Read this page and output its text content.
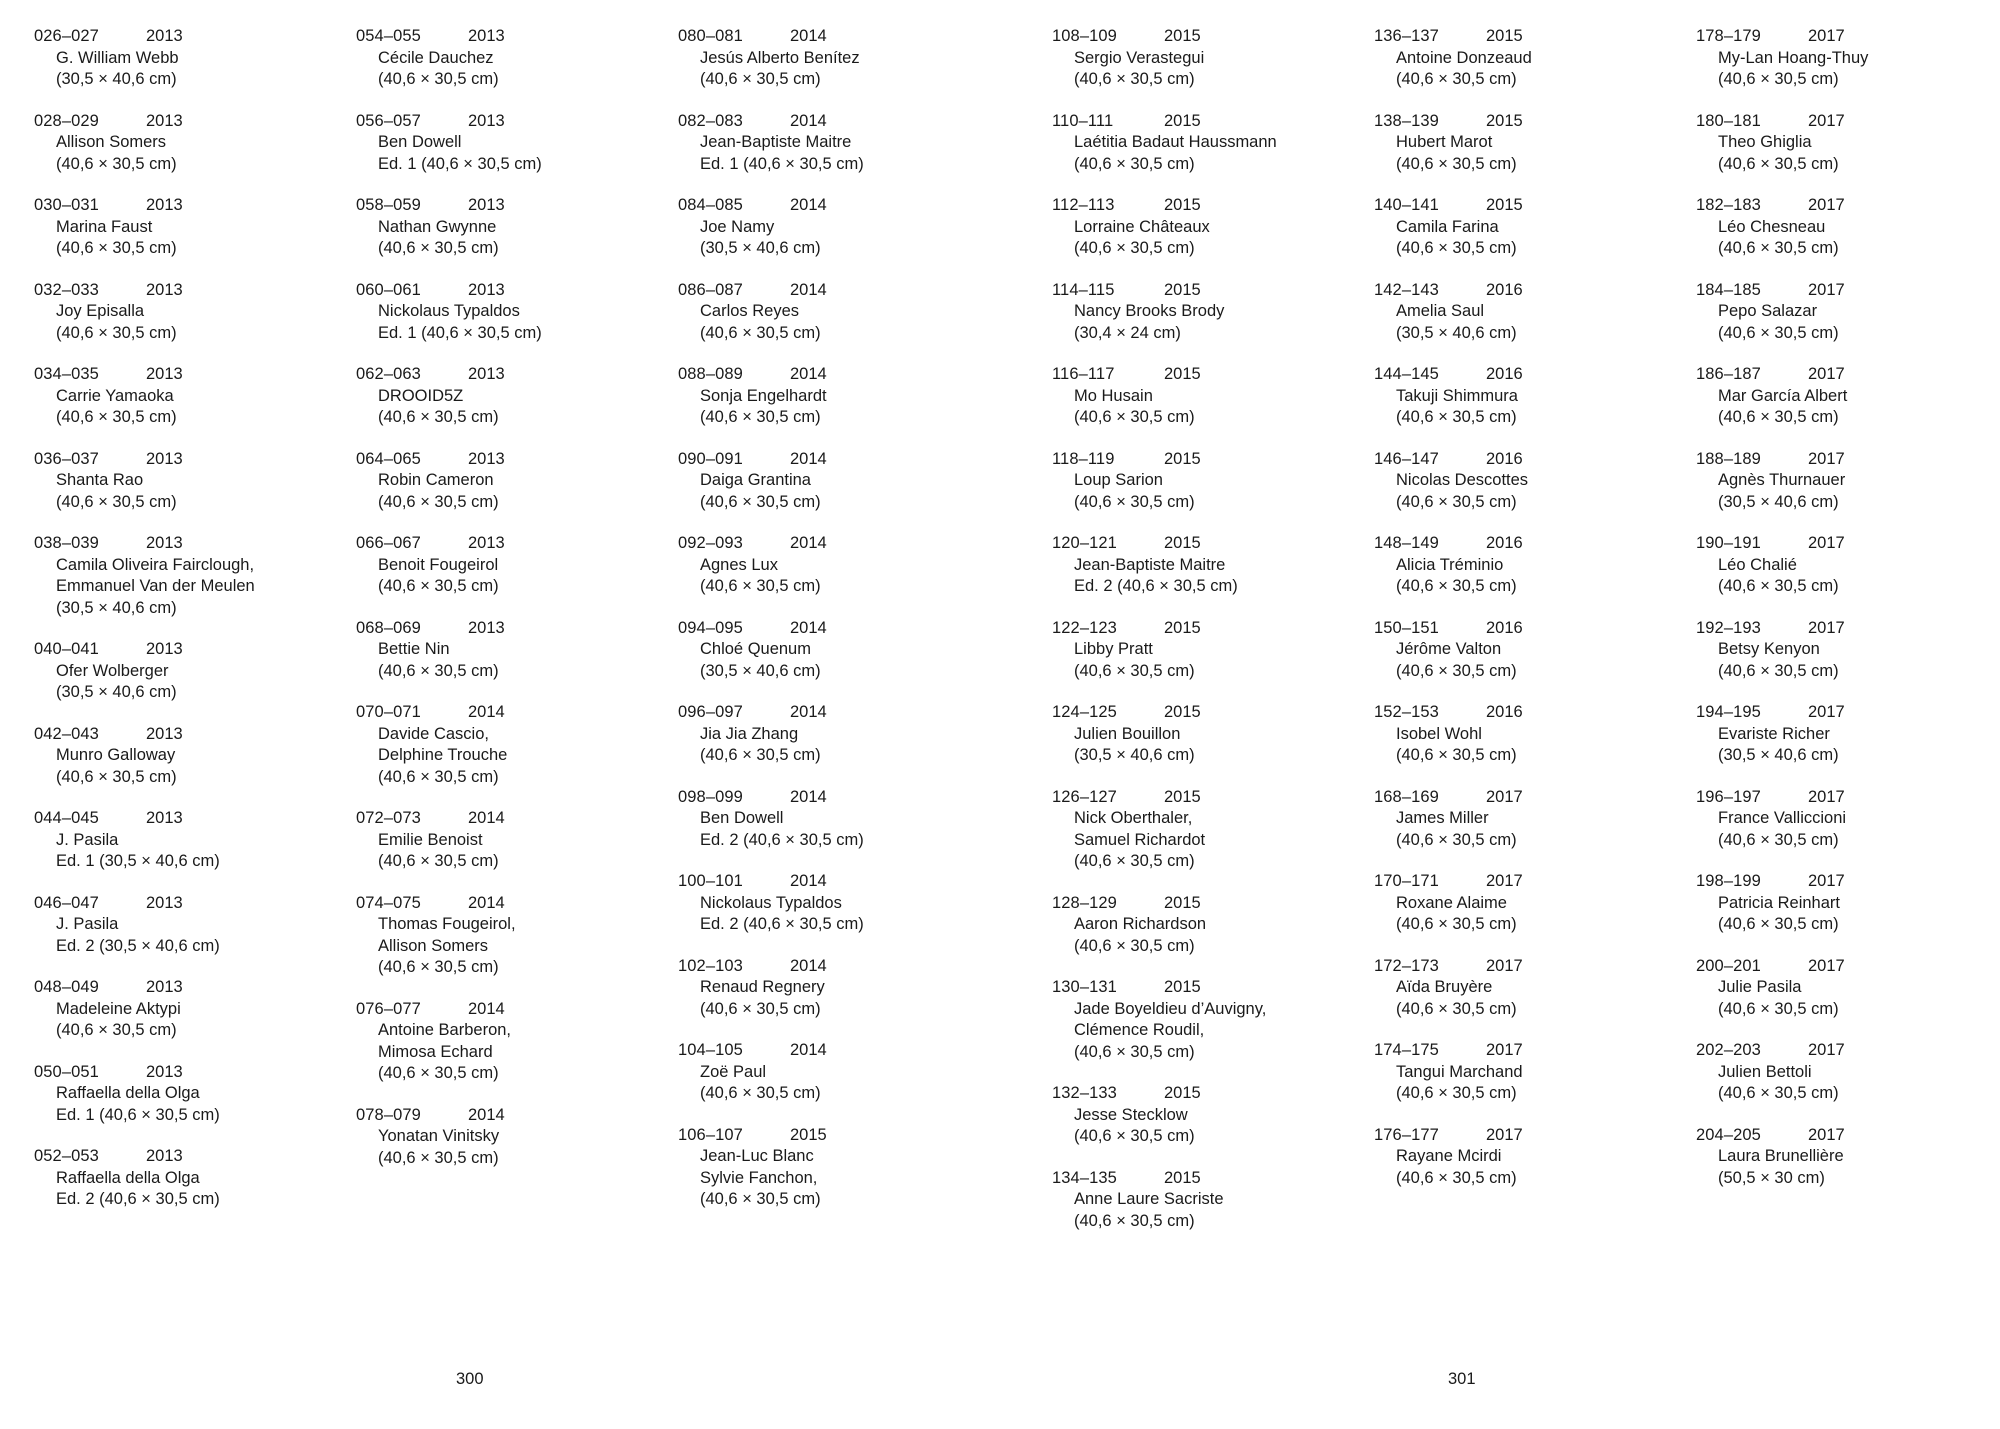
026–027	2013
G. William Webb
(30,5 × 40,6 cm)
028–029	2013
Allison Somers
(40,6 × 30,5 cm)
030–031	2013
Marina Faust
(40,6 × 30,5 cm)
032–033	2013
Joy Episalla
(40,6 × 30,5 cm)
034–035	2013
Carrie Yamaoka
(40,6 × 30,5 cm)
036–037	2013
Shanta Rao
(40,6 × 30,5 cm)
038–039	2013
Camila Oliveira Fairclough,
Emmanuel Van der Meulen
(30,5 × 40,6 cm)
040–041	2013
Ofer Wolberger
(30,5 × 40,6 cm)
042–043	2013
Munro Galloway
(40,6 × 30,5 cm)
044–045	2013
J. Pasila
Ed. 1 (30,5 × 40,6 cm)
046–047	2013
J. Pasila
Ed. 2 (30,5 × 40,6 cm)
048–049	2013
Madeleine Aktypi
(40,6 × 30,5 cm)
050–051	2013
Raffaella della Olga
Ed. 1 (40,6 × 30,5 cm)
052–053	2013
Raffaella della Olga
Ed. 2 (40,6 × 30,5 cm)
054–055	2013
Cécile Dauchez
(40,6 × 30,5 cm)
056–057	2013
Ben Dowell
Ed. 1 (40,6 × 30,5 cm)
058–059	2013
Nathan Gwynne
(40,6 × 30,5 cm)
060–061	2013
Nickolaus Typaldos
Ed. 1 (40,6 × 30,5 cm)
062–063	2013
DROOID5Z
(40,6 × 30,5 cm)
064–065	2013
Robin Cameron
(40,6 × 30,5 cm)
066–067	2013
Benoit Fougeirol
(40,6 × 30,5 cm)
068–069	2013
Bettie Nin
(40,6 × 30,5 cm)
070–071	2014
Davide Cascio,
Delphine Trouche
(40,6 × 30,5 cm)
072–073	2014
Emilie Benoist
(40,6 × 30,5 cm)
074–075	2014
Thomas Fougeirol,
Allison Somers
(40,6 × 30,5 cm)
076–077	2014
Antoine Barberon,
Mimosa Echard
(40,6 × 30,5 cm)
078–079	2014
Yonatan Vinitsky
(40,6 × 30,5 cm)
080–081	2014
Jesús Alberto Benítez
(40,6 × 30,5 cm)
082–083	2014
Jean-Baptiste Maitre
Ed. 1 (40,6 × 30,5 cm)
084–085	2014
Joe Namy
(30,5 × 40,6 cm)
086–087	2014
Carlos Reyes
(40,6 × 30,5 cm)
088–089	2014
Sonja Engelhardt
(40,6 × 30,5 cm)
090–091	2014
Daiga Grantina
(40,6 × 30,5 cm)
092–093	2014
Agnes Lux
(40,6 × 30,5 cm)
094–095	2014
Chloé Quenum
(30,5 × 40,6 cm)
096–097	2014
Jia Jia Zhang
(40,6 × 30,5 cm)
098–099	2014
Ben Dowell
Ed. 2 (40,6 × 30,5 cm)
100–101	2014
Nickolaus Typaldos
Ed. 2 (40,6 × 30,5 cm)
102–103	2014
Renaud Regnery
(40,6 × 30,5 cm)
104–105	2014
Zoë Paul
(40,6 × 30,5 cm)
106–107	2015
Jean-Luc Blanc
Sylvie Fanchon,
(40,6 × 30,5 cm)
108–109	2015
Sergio Verastegui
(40,6 × 30,5 cm)
110–111	2015
Laétitia Badaut Haussmann
(40,6 × 30,5 cm)
112–113	2015
Lorraine Châteaux
(40,6 × 30,5 cm)
114–115	2015
Nancy Brooks Brody
(30,4 × 24 cm)
116–117	2015
Mo Husain
(40,6 × 30,5 cm)
118–119	2015
Loup Sarion
(40,6 × 30,5 cm)
120–121	2015
Jean-Baptiste Maitre
Ed. 2 (40,6 × 30,5 cm)
122–123	2015
Libby Pratt
(40,6 × 30,5 cm)
124–125	2015
Julien Bouillon
(30,5 × 40,6 cm)
126–127	2015
Nick Oberthaler,
Samuel Richardot
(40,6 × 30,5 cm)
128–129	2015
Aaron Richardson
(40,6 × 30,5 cm)
130–131	2015
Jade Boyeldieu d’Auvigny,
Clémence Roudil,
(40,6 × 30,5 cm)
132–133	2015
Jesse Stecklow
(40,6 × 30,5 cm)
134–135	2015
Anne Laure Sacriste
(40,6 × 30,5 cm)
136–137	2015
Antoine Donzeaud
(40,6 × 30,5 cm)
138–139	2015
Hubert Marot
(40,6 × 30,5 cm)
140–141	2015
Camila Farina
(40,6 × 30,5 cm)
142–143	2016
Amelia Saul
(30,5 × 40,6 cm)
144–145	2016
Takuji Shimmura
(40,6 × 30,5 cm)
146–147	2016
Nicolas Descottes
(40,6 × 30,5 cm)
148–149	2016
Alicia Tréminio
(40,6 × 30,5 cm)
150–151	2016
Jérôme Valton
(40,6 × 30,5 cm)
152–153	2016
Isobel Wohl
(40,6 × 30,5 cm)
168–169	2017
James Miller
(40,6 × 30,5 cm)
170–171	2017
Roxane Alaime
(40,6 × 30,5 cm)
172–173	2017
Aïda Bruyère
(40,6 × 30,5 cm)
174–175	2017
Tangui Marchand
(40,6 × 30,5 cm)
176–177	2017
Rayane Mcirdi
(40,6 × 30,5 cm)
178–179	2017
My-Lan Hoang-Thuy
(40,6 × 30,5 cm)
180–181	2017
Theo Ghiglia
(40,6 × 30,5 cm)
182–183	2017
Léo Chesneau
(40,6 × 30,5 cm)
184–185	2017
Pepo Salazar
(40,6 × 30,5 cm)
186–187	2017
Mar García Albert
(40,6 × 30,5 cm)
188–189	2017
Agnès Thurnauer
(30,5 × 40,6 cm)
190–191	2017
Léo Chalié
(40,6 × 30,5 cm)
192–193	2017
Betsy Kenyon
(40,6 × 30,5 cm)
194–195	2017
Evariste Richer
(30,5 × 40,6 cm)
196–197	2017
France Valliccioni
(40,6 × 30,5 cm)
198–199	2017
Patricia Reinhart
(40,6 × 30,5 cm)
200–201	2017
Julie Pasila
(40,6 × 30,5 cm)
202–203	2017
Julien Bettoli
(40,6 × 30,5 cm)
204–205	2017
Laura Brunellière
(50,5 × 30 cm)
300	301
